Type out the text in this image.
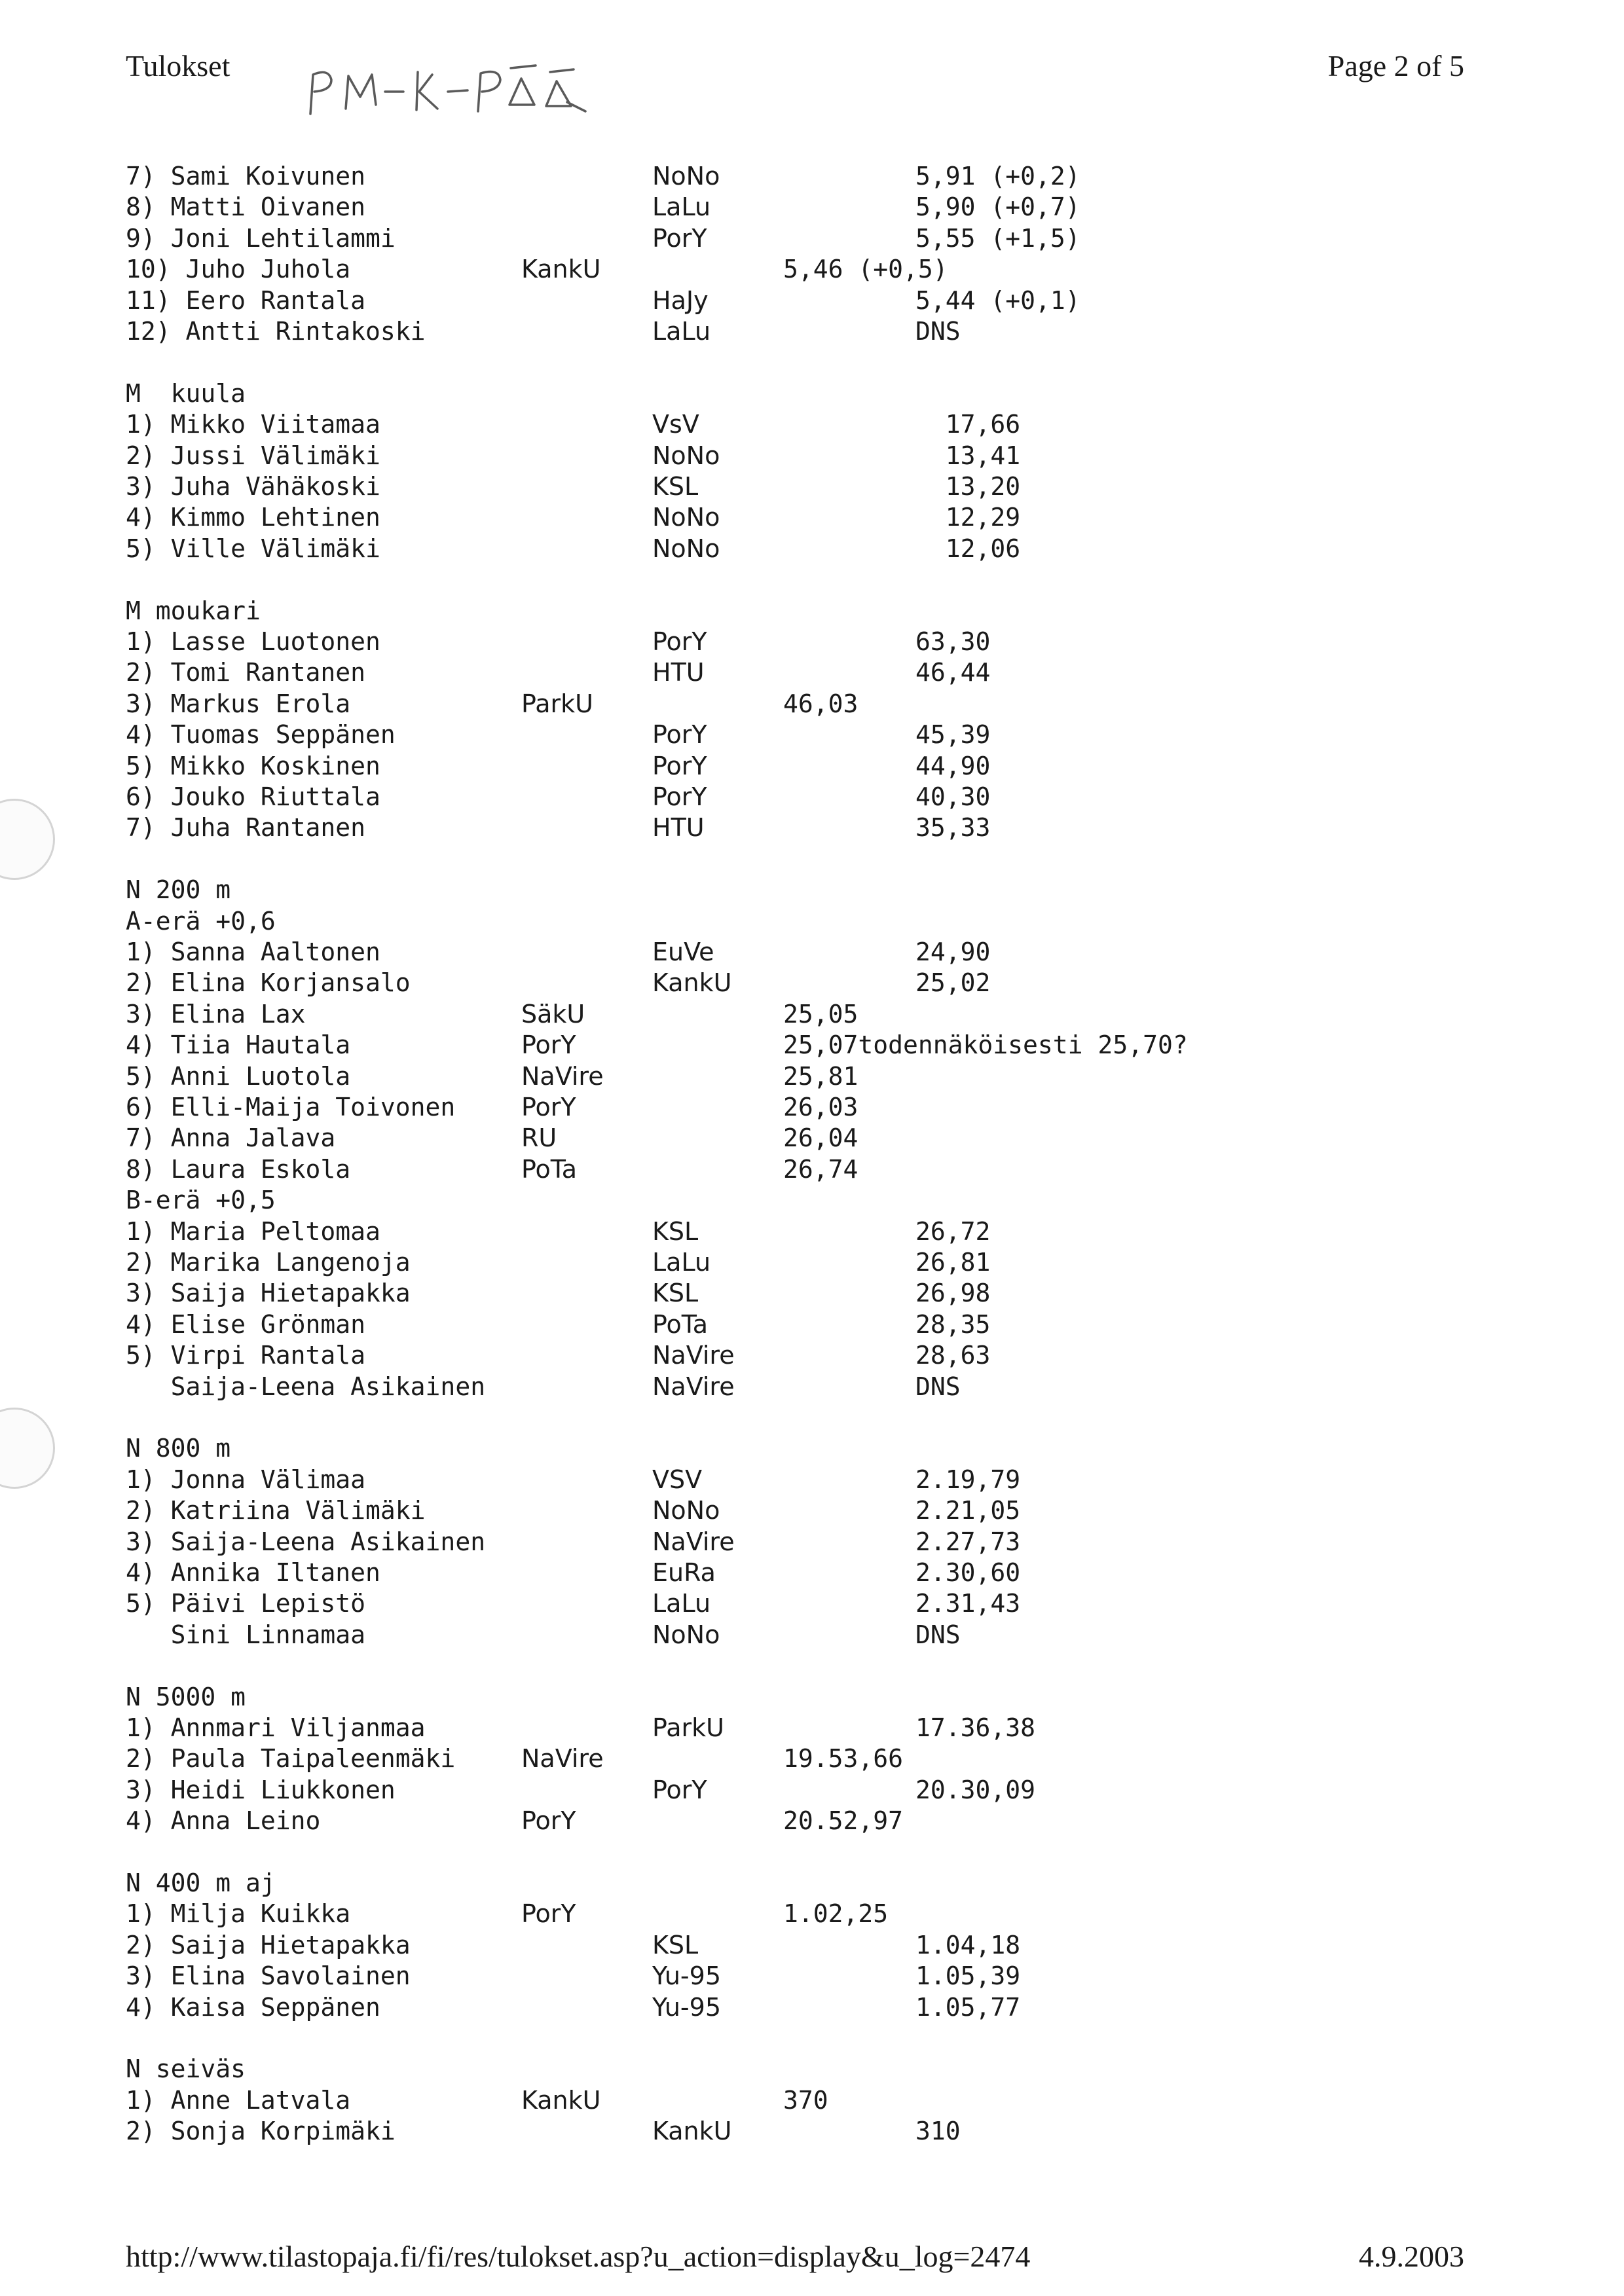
Tulokset	Page 2 of 5
7) Sami Koivunen	NoNo	5,91 (+0,2)
8) Matti Oivanen	LaLu	5,90 (+0,7)
9) Joni Lehtilammi	PorY	5,55 (+1,5)
10) Juho Juhola	KankU	5,46 (+0,5)
11) Eero Rantala	HaJy	5,44 (+0,1)
12) Antti Rintakoski	LaLu	DNS
M  kuula
1) Mikko Viitamaa	VsV	17,66
2) Jussi Välimäki	NoNo	13,41
3) Juha Vähäkoski	KSL	13,20
4) Kimmo Lehtinen	NoNo	12,29
5) Ville Välimäki	NoNo	12,06
M moukari
1) Lasse Luotonen	PorY	63,30
2) Tomi Rantanen	HTU	46,44
3) Markus Erola	ParkU	46,03
4) Tuomas Seppänen	PorY	45,39
5) Mikko Koskinen	PorY	44,90
6) Jouko Riuttala	PorY	40,30
7) Juha Rantanen	HTU	35,33
N 200 m
A-erä +0,6
1) Sanna Aaltonen	EuVe	24,90
2) Elina Korjansalo	KankU	25,02
3) Elina Lax	SäkU	25,05
4) Tiia Hautala	PorY	25,07todennäköisesti 25,70?
5) Anni Luotola	NaVire	25,81
6) Elli-Maija Toivonen	PorY	26,03
7) Anna Jalava	RU	26,04
8) Laura Eskola	PoTa	26,74
B-erä +0,5
1) Maria Peltomaa	KSL	26,72
2) Marika Langenoja	LaLu	26,81
3) Saija Hietapakka	KSL	26,98
4) Elise Grönman	PoTa	28,35
5) Virpi Rantala	NaVire	28,63
Saija-Leena Asikainen	NaVire	DNS
N 800 m
1) Jonna Välimaa	VSV	2.19,79
2) Katriina Välimäki	NoNo	2.21,05
3) Saija-Leena Asikainen	NaVire	2.27,73
4) Annika Iltanen	EuRa	2.30,60
5) Päivi Lepistö	LaLu	2.31,43
Sini Linnamaa	NoNo	DNS
N 5000 m
1) Annmari Viljanmaa	ParkU	17.36,38
2) Paula Taipaleenmäki	NaVire	19.53,66
3) Heidi Liukkonen	PorY	20.30,09
4) Anna Leino	PorY	20.52,97
N 400 m aj
1) Milja Kuikka	PorY	1.02,25
2) Saija Hietapakka	KSL	1.04,18
3) Elina Savolainen	Yu-95	1.05,39
4) Kaisa Seppänen	Yu-95	1.05,77
N seiväs
1) Anne Latvala	KankU	370
2) Sonja Korpimäki	KankU	310
http://www.tilastopaja.fi/fi/res/tulokset.asp?u_action=display&u_log=2474	4.9.2003
